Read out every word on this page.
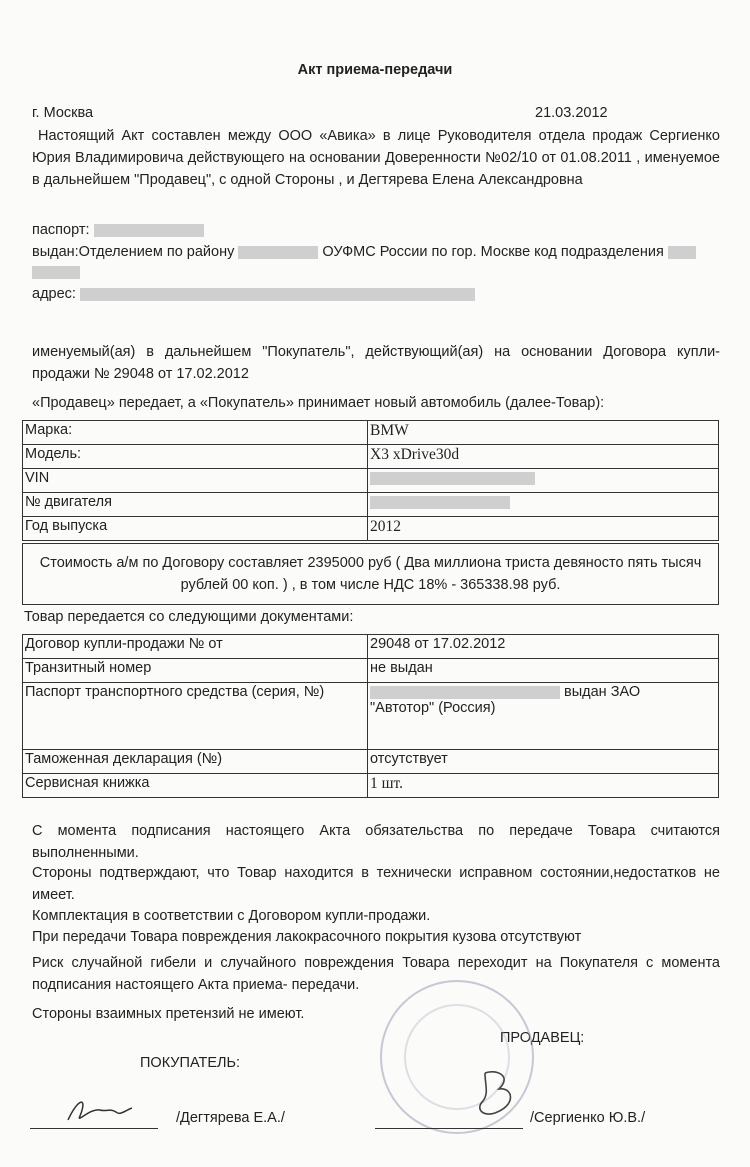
Акт приема-передачи
г. Москва	21.03.2012
Настоящий Акт составлен между ООО «Авика» в лице Руководителя отдела продаж Сергиенко Юрия Владимировича действующего на основании Доверенности №02/10 от 01.08.2011 , именуемое в дальнейшем "Продавец", с одной Стороны , и Дегтярева Елена Александровна
паспорт:
выдан:Отделением по району	ОУФМС России по гор. Москве код подразделения
адрес:
именуемый(ая) в дальнейшем "Покупатель", действующий(ая) на основании Договора купли-продажи № 29048 от 17.02.2012
«Продавец» передает, а «Покупатель» принимает новый автомобиль (далее-Товар):
Марка:	BMW
Модель:	X3 xDrive30d
VIN	
№ двигателя	
Год выпуска	2012
Стоимость а/м по Договору составляет 2395000 руб ( Два миллиона триста девяносто пять тысяч рублей 00 коп. ) , в том числе НДС 18% - 365338.98 руб.
Товар передается со следующими документами:
Договор купли-продажи № от	29048 от 17.02.2012
Транзитный номер	не выдан
Паспорт транспортного средства (серия, №)	выдан ЗАО
"Автотор" (Россия)
Таможенная декларация (№)	отсутствует
Сервисная книжка	1 шт.
С момента подписания настоящего Акта обязательства по передаче Товара считаются выполненными.
Стороны подтверждают, что Товар находится в технически исправном состоянии,недостатков не имеет.
Комплектация в соответствии с Договором купли-продажи.
При передачи Товара повреждения лакокрасочного покрытия кузова отсутствуют
Риск случайной гибели и случайного повреждения Товара переходит на Покупателя с момента подписания настоящего Акта приема- передачи.
Стороны взаимных претензий не имеют.
ПОКУПАТЕЛЬ:
ПРОДАВЕЦ:
/Дегтярева Е.А./	/Сергиенко Ю.В./
